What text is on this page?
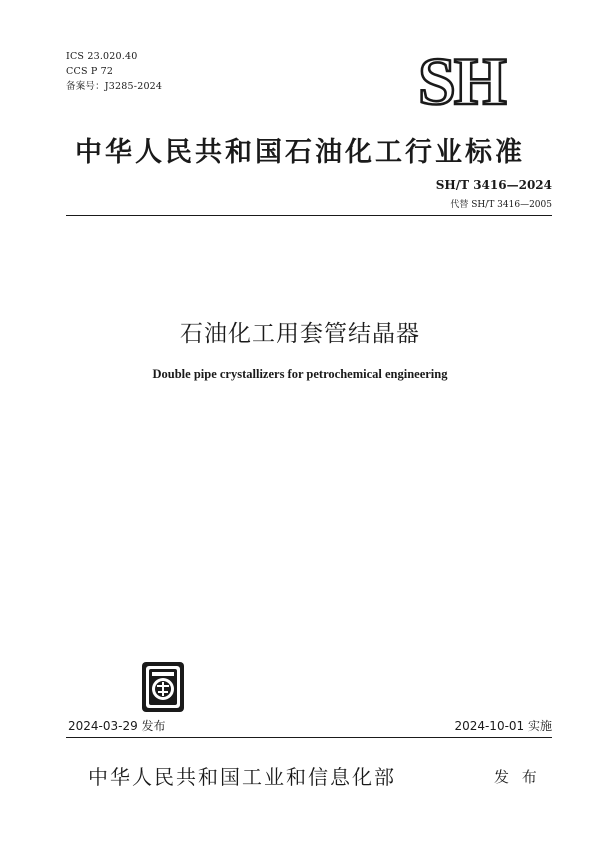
ICS 23.020.40
CCS P 72
备案号：J3285-2024	SH
中华人民共和国石油化工行业标准
SH/T 3416—2024
代替 SH/T 3416—2005
石油化工用套管结晶器
Double pipe crystallizers for petrochemical engineering
2024-03-29 发布	2024-10-01 实施
中华人民共和国工业和信息化部	发 布
